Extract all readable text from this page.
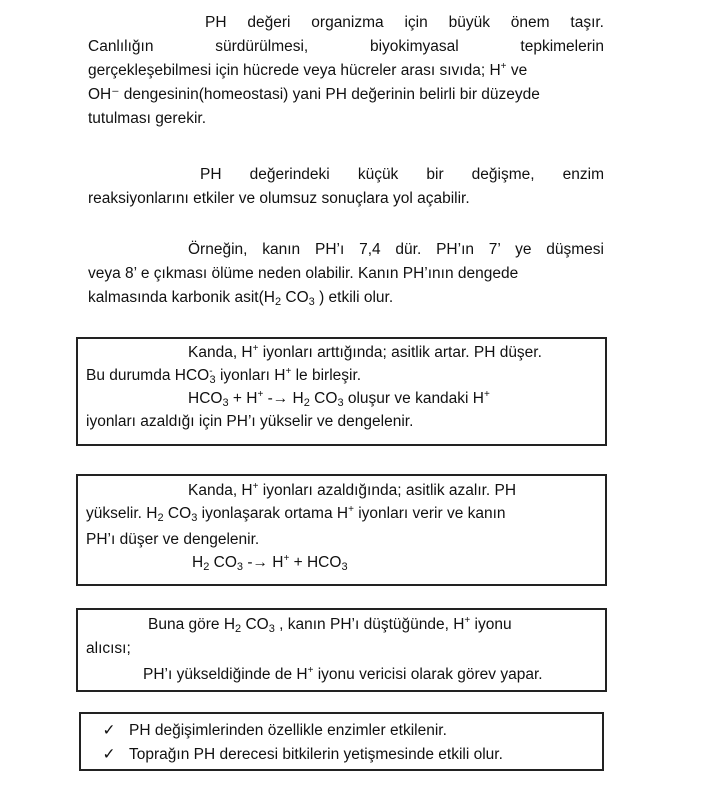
PH değeri organizma için büyük önem taşır.
Canlılığın	sürdürülmesi,	biyokimyasal	tepkimelerin
gerçekleşebilmesi için hücrede veya hücreler arası sıvıda; H+ ve
OH⁻ dengesinin(homeostasi) yani PH değerinin belirli bir düzeyde
tutulması gerekir.
PH değerindeki küçük bir değişme, enzim
reaksiyonlarını etkiler ve olumsuz sonuçlara yol açabilir.
Örneğin, kanın PH’ı 7,4 dür. PH’ın 7’ ye düşmesi
veya 8’ e çıkması ölüme neden olabilir. Kanın PH’ının dengede
kalmasında karbonik $asit(H_2$ $CO_3$ ) etkili olur.
Kanda, H+ iyonları arttığında; asitlik artar. PH düşer.
Bu durumda $HCO^-_3$ iyonları H+ le birleşir.
$HCO_3 + H^+ -\to H_2$ $CO_3$ oluşur ve kandaki H+
iyonları azaldığı için PH’ı yükselir ve dengelenir.
Kanda, H+ iyonları azaldığında; asitlik azalır. PH
yükselir. $H_2$ $CO_3$ iyonlaşarak ortama H+ iyonları verir ve kanın
PH’ı düşer ve dengelenir.
$H_2$ $CO_3 -\to H^+ + HCO_3$
Buna göre $H_2$ $CO_3$ , kanın PH’ı düştüğünde, H+ iyonu
alıcısı;
PH’ı yükseldiğinde de H+ iyonu vericisi olarak görev yapar.
✓ PH değişimlerinden özellikle enzimler etkilenir.
✓ Toprağın PH derecesi bitkilerin yetişmesinde etkili olur.
